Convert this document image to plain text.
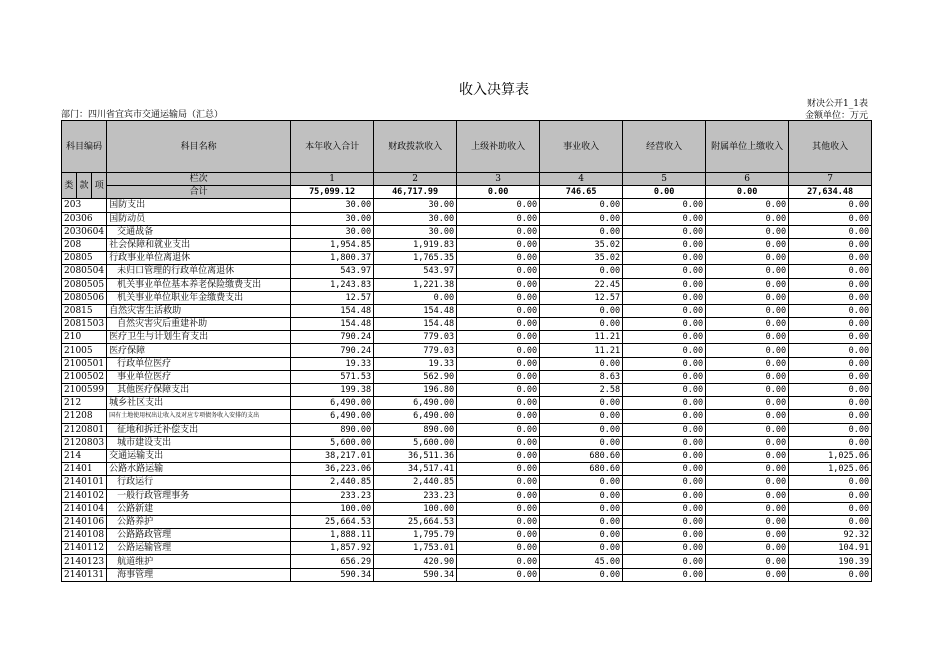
收入决算表
部门：四川省宜宾市交通运输局（汇总）
财决公开1_1表
金额单位：万元
科目编码			科目名称	本年收入合计	财政拨款收入	上级补助收入	事业收入	经营收入	附属单位上缴收入	其他收入
类	款	项	栏次	1	2	3	4	5	6	7
			合计	75,099.12	46,717.99	0.00	746.65	0.00	0.00	27,634.48
203			国防支出	30.00	30.00	0.00	0.00	0.00	0.00	0.00
20306			国防动员	30.00	30.00	0.00	0.00	0.00	0.00	0.00
2030604			交通战备	30.00	30.00	0.00	0.00	0.00	0.00	0.00
208			社会保障和就业支出	1,954.85	1,919.83	0.00	35.02	0.00	0.00	0.00
20805			行政事业单位离退休	1,800.37	1,765.35	0.00	35.02	0.00	0.00	0.00
2080504			未归口管理的行政单位离退休	543.97	543.97	0.00	0.00	0.00	0.00	0.00
2080505			机关事业单位基本养老保险缴费支出	1,243.83	1,221.38	0.00	22.45	0.00	0.00	0.00
2080506			机关事业单位职业年金缴费支出	12.57	0.00	0.00	12.57	0.00	0.00	0.00
20815			自然灾害生活救助	154.48	154.48	0.00	0.00	0.00	0.00	0.00
2081503			自然灾害灾后重建补助	154.48	154.48	0.00	0.00	0.00	0.00	0.00
210			医疗卫生与计划生育支出	790.24	779.03	0.00	11.21	0.00	0.00	0.00
21005			医疗保障	790.24	779.03	0.00	11.21	0.00	0.00	0.00
2100501			行政单位医疗	19.33	19.33	0.00	0.00	0.00	0.00	0.00
2100502			事业单位医疗	571.53	562.90	0.00	8.63	0.00	0.00	0.00
2100599			其他医疗保障支出	199.38	196.80	0.00	2.58	0.00	0.00	0.00
212			城乡社区支出	6,490.00	6,490.00	0.00	0.00	0.00	0.00	0.00
21208			国有土地使用权出让收入及对应专项债务收入安排的支出	6,490.00	6,490.00	0.00	0.00	0.00	0.00	0.00
2120801			征地和拆迁补偿支出	890.00	890.00	0.00	0.00	0.00	0.00	0.00
2120803			城市建设支出	5,600.00	5,600.00	0.00	0.00	0.00	0.00	0.00
214			交通运输支出	38,217.01	36,511.36	0.00	680.60	0.00	0.00	1,025.06
21401			公路水路运输	36,223.06	34,517.41	0.00	680.60	0.00	0.00	1,025.06
2140101			行政运行	2,440.85	2,440.85	0.00	0.00	0.00	0.00	0.00
2140102			一般行政管理事务	233.23	233.23	0.00	0.00	0.00	0.00	0.00
2140104			公路新建	100.00	100.00	0.00	0.00	0.00	0.00	0.00
2140106			公路养护	25,664.53	25,664.53	0.00	0.00	0.00	0.00	0.00
2140108			公路路政管理	1,888.11	1,795.79	0.00	0.00	0.00	0.00	92.32
2140112			公路运输管理	1,857.92	1,753.01	0.00	0.00	0.00	0.00	104.91
2140123			航道维护	656.29	420.90	0.00	45.00	0.00	0.00	190.39
2140131			海事管理	590.34	590.34	0.00	0.00	0.00	0.00	0.00
